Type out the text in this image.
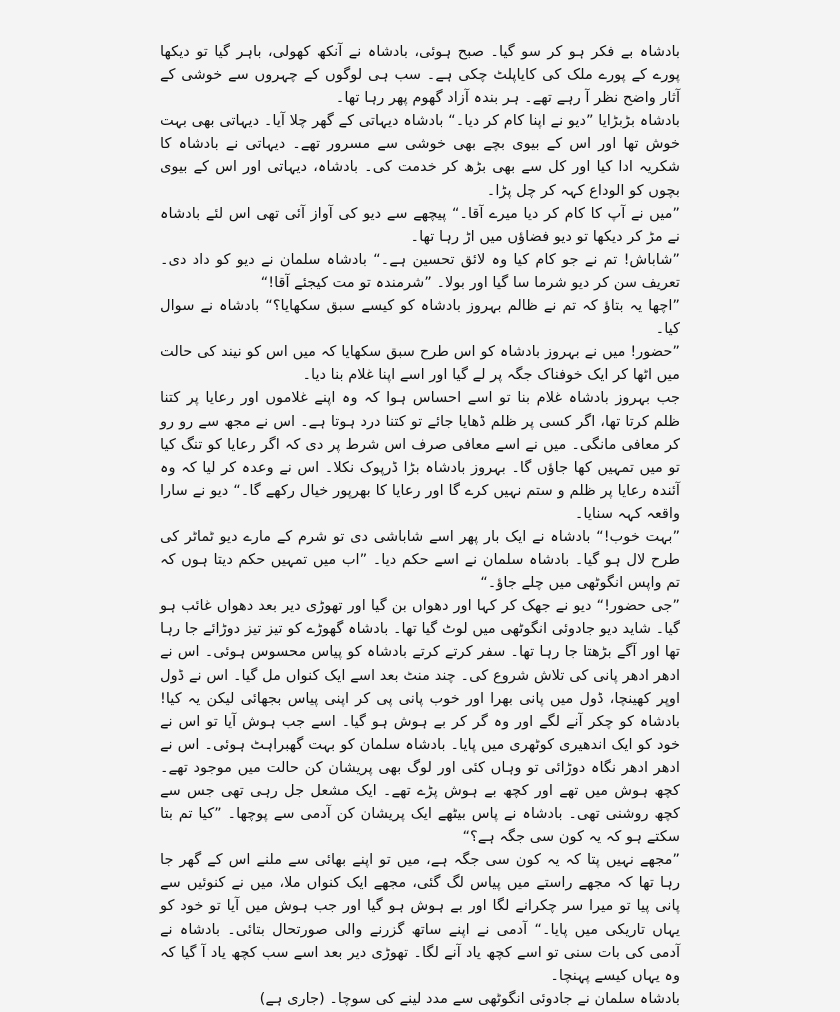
بادشاہ بے فکر ہو کر سو گیا۔ صبح ہوئی، بادشاہ نے آنکھ کھولی، باہر گیا تو دیکھا پورے کے پورے ملک کی کایاپلٹ چکی ہے۔ سب ہی لوگوں کے چہروں سے خوشی کے آثار واضح نظر آ رہے تھے۔ ہر بندہ آزاد گھوم پھر رہا تھا۔

بادشاہ بڑبڑایا ”دیو نے اپنا کام کر دیا۔“ بادشاہ دیہاتی کے گھر چلا آیا۔ دیہاتی بھی بہت خوش تھا اور اس کے بیوی بچے بھی خوشی سے مسرور تھے۔ دیہاتی نے بادشاہ کا شکریہ ادا کیا اور کل سے بھی بڑھ کر خدمت کی۔ بادشاہ، دیہاتی اور اس کے بیوی بچوں کو الوداع کہہ کر چل پڑا۔

”میں نے آپ کا کام کر دیا میرے آقا۔“ پیچھے سے دیو کی آواز آئی تھی اس لئے بادشاہ نے مڑ کر دیکھا تو دیو فضاؤں میں اڑ رہا تھا۔

”شاباش! تم نے جو کام کیا وہ لائق تحسین ہے۔“ بادشاہ سلمان نے دیو کو داد دی۔ تعریف سن کر دیو شرما سا گیا اور بولا۔ ”شرمندہ تو مت کیجئے آقا!“

”اچھا یہ بتاؤ کہ تم نے ظالم بہروز بادشاہ کو کیسے سبق سکھایا؟“ بادشاہ نے سوال کیا۔

”حضور! میں نے بہروز بادشاہ کو اس طرح سبق سکھایا کہ میں اس کو نیند کی حالت میں اٹھا کر ایک خوفناک جگہ پر لے گیا اور اسے اپنا غلام بنا دیا۔

جب بہروز بادشاہ غلام بنا تو اسے احساس ہوا کہ وہ اپنے غلاموں اور رعایا پر کتنا ظلم کرتا تھا، اگر کسی پر ظلم ڈھایا جائے تو کتنا درد ہوتا ہے۔ اس نے مجھ سے رو رو کر معافی مانگی۔ میں نے اسے معافی صرف اس شرط پر دی کہ اگر رعایا کو تنگ کیا تو میں تمہیں کھا جاؤں گا۔ بہروز بادشاہ بڑا ڈرپوک نکلا۔ اس نے وعدہ کر لیا کہ وہ آئندہ رعایا پر ظلم و ستم نہیں کرے گا اور رعایا کا بھرپور خیال رکھے گا۔“ دیو نے سارا واقعہ کہہ سنایا۔

”بہت خوب!“ بادشاہ نے ایک بار پھر اسے شاباشی دی تو شرم کے مارے دیو ٹماٹر کی طرح لال ہو گیا۔ بادشاہ سلمان نے اسے حکم دیا۔ ”اب میں تمہیں حکم دیتا ہوں کہ تم واپس انگوٹھی میں چلے جاؤ۔“

”جی حضور!“ دیو نے جھک کر کہا اور دھواں بن گیا اور تھوڑی دیر بعد دھواں غائب ہو گیا۔ شاید دیو جادوئی انگوٹھی میں لوٹ گیا تھا۔ بادشاہ گھوڑے کو تیز تیز دوڑائے جا رہا تھا اور آگے بڑھتا جا رہا تھا۔ سفر کرتے کرتے بادشاہ کو پیاس محسوس ہوئی۔ اس نے ادھر ادھر پانی کی تلاش شروع کی۔ چند منٹ بعد اسے ایک کنواں مل گیا۔ اس نے ڈول اوپر کھینچا، ڈول میں پانی بھرا اور خوب پانی پی کر اپنی پیاس بجھائی لیکن یہ کیا! بادشاہ کو چکر آنے لگے اور وہ گر کر بے ہوش ہو گیا۔ اسے جب ہوش آیا تو اس نے خود کو ایک اندھیری کوٹھری میں پایا۔ بادشاہ سلمان کو بہت گھبراہٹ ہوئی۔ اس نے ادھر ادھر نگاہ دوڑائی تو وہاں کئی اور لوگ بھی پریشان کن حالت میں موجود تھے۔ کچھ ہوش میں تھے اور کچھ بے ہوش پڑے تھے۔ ایک مشعل جل رہی تھی جس سے کچھ روشنی تھی۔ بادشاہ نے پاس بیٹھے ایک پریشان کن آدمی سے پوچھا۔ ”کیا تم بتا سکتے ہو کہ یہ کون سی جگہ ہے؟“

”مجھے نہیں پتا کہ یہ کون سی جگہ ہے، میں تو اپنے بھائی سے ملنے اس کے گھر جا رہا تھا کہ مجھے راستے میں پیاس لگ گئی، مجھے ایک کنواں ملا، میں نے کنوئیں سے پانی پیا تو میرا سر چکرانے لگا اور بے ہوش ہو گیا اور جب ہوش میں آیا تو خود کو یہاں تاریکی میں پایا۔“ آدمی نے اپنے ساتھ گزرنے والی صورتحال بتائی۔ بادشاہ نے آدمی کی بات سنی تو اسے کچھ یاد آنے لگا۔ تھوڑی دیر بعد اسے سب کچھ یاد آ گیا کہ وہ یہاں کیسے پہنچا۔

بادشاہ سلمان نے جادوئی انگوٹھی سے مدد لینے کی سوچا۔ (جاری ہے)
